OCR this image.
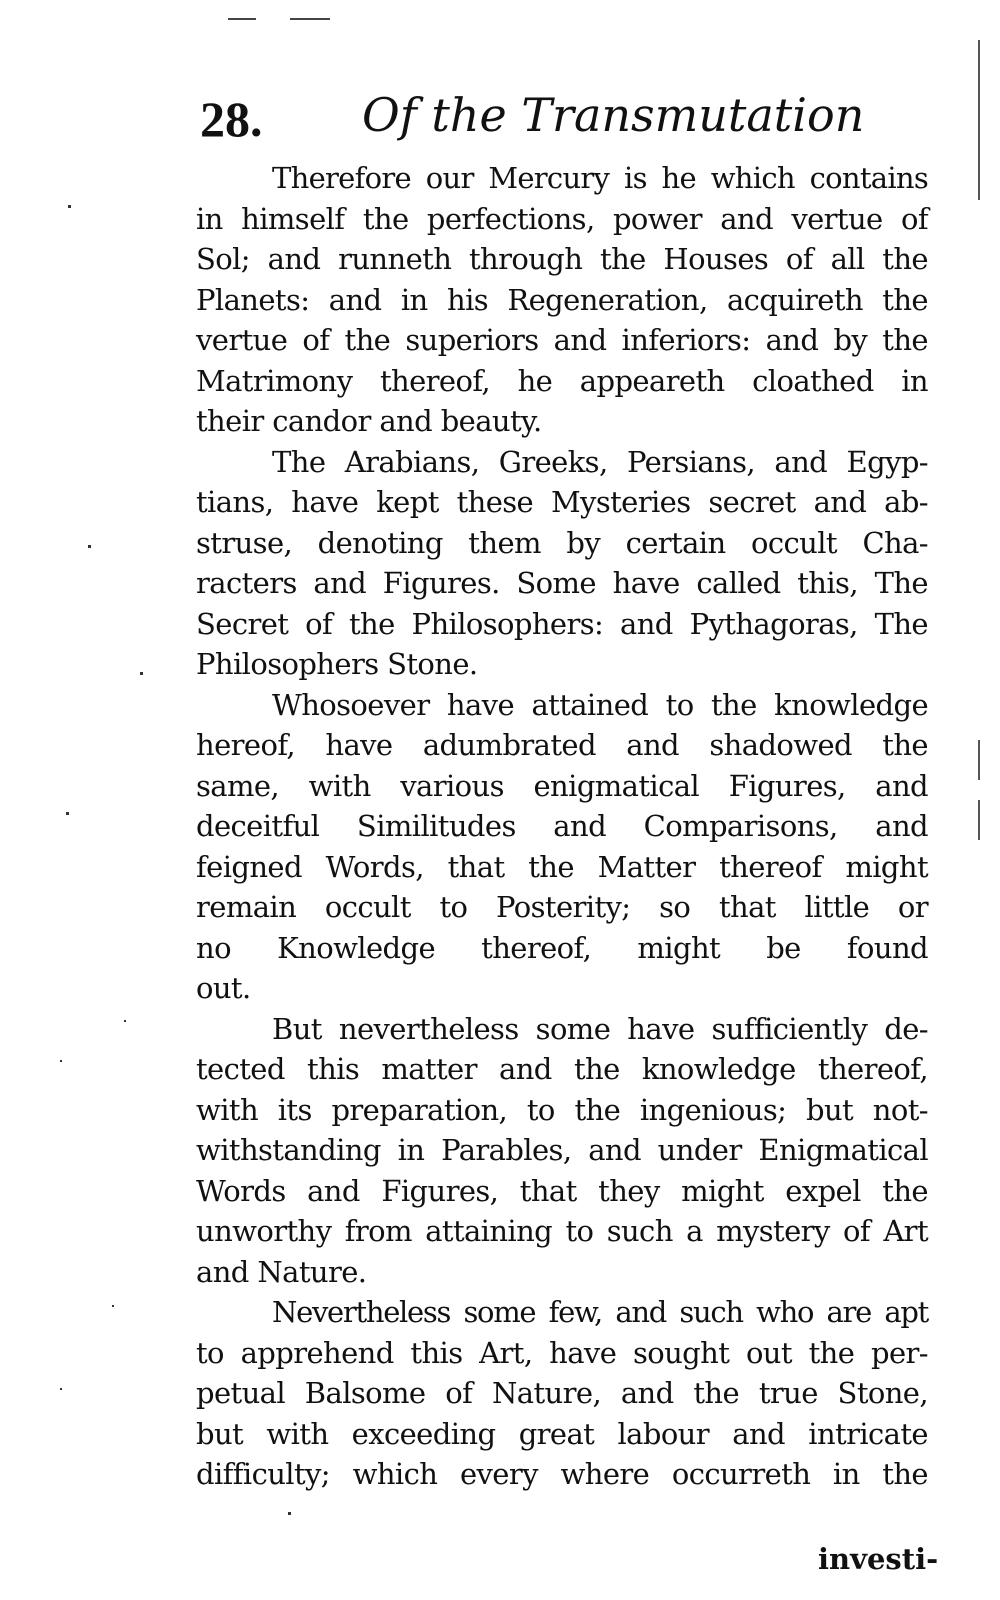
28. Of the Transmutation

Therefore our Mercury is he which contains
in himself the perfections, power and vertue of
Sol; and runneth through the Houses of all the
Planets: and in his Regeneration, acquireth the
vertue of the superiors and inferiors: and by the
Matrimony thereof, he appeareth cloathed in
their candor and beauty.

The Arabians, Greeks, Persians, and Egyp-
tians, have kept these Mysteries secret and ab-
struse, denoting them by certain occult Cha-
racters and Figures. Some have called this, The
Secret of the Philosophers: and Pythagoras, The
Philosophers Stone.

Whosoever have attained to the knowledge
hereof, have adumbrated and shadowed the
same, with various enigmatical Figures, and
deceitful Similitudes and Comparisons, and
feigned Words, that the Matter thereof might
remain occult to Posterity; so that little or
no Knowledge thereof, might be found
out.

But nevertheless some have sufficiently de-
tected this matter and the knowledge thereof,
with its preparation, to the ingenious; but not-
withstanding in Parables, and under Enigmatical
Words and Figures, that they might expel the
unworthy from attaining to such a mystery of Art
and Nature.

Nevertheless some few, and such who are apt
to apprehend this Art, have sought out the per-
petual Balsome of Nature, and the true Stone,
but with exceeding great labour and intricate
difficulty; which every where occurreth in the

investi-
